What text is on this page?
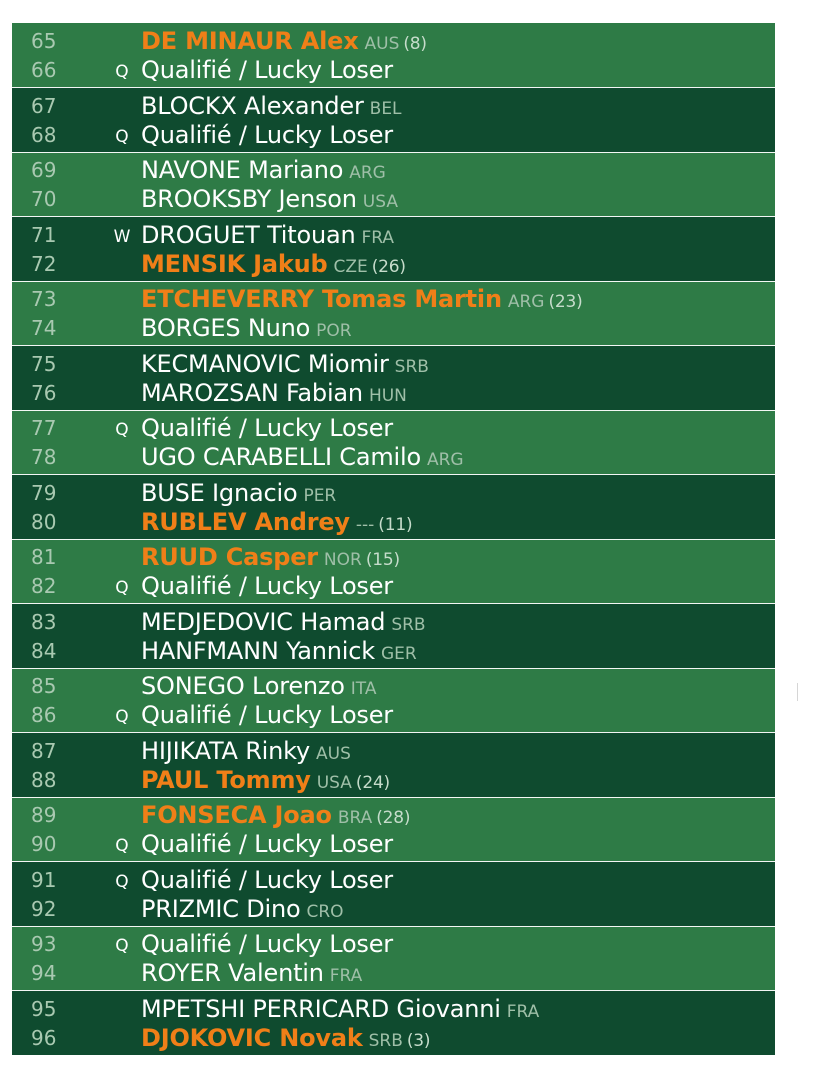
65	DE MINAUR Alex AUS (8)
66	Q Qualifié / Lucky Loser
67	BLOCKX Alexander BEL
68	Q Qualifié / Lucky Loser
69	NAVONE Mariano ARG
70	BROOKSBY Jenson USA
71	W DROGUET Titouan FRA
72	MENSIK Jakub CZE (26)
73	ETCHEVERRY Tomas Martin ARG (23)
74	BORGES Nuno POR
75	KECMANOVIC Miomir SRB
76	MAROZSAN Fabian HUN
77	Q Qualifié / Lucky Loser
78	UGO CARABELLI Camilo ARG
79	BUSE Ignacio PER
80	RUBLEV Andrey --- (11)
81	RUUD Casper NOR (15)
82	Q Qualifié / Lucky Loser
83	MEDJEDOVIC Hamad SRB
84	HANFMANN Yannick GER
85	SONEGO Lorenzo ITA
86	Q Qualifié / Lucky Loser
87	HIJIKATA Rinky AUS
88	PAUL Tommy USA (24)
89	FONSECA Joao BRA (28)
90	Q Qualifié / Lucky Loser
91	Q Qualifié / Lucky Loser
92	PRIZMIC Dino CRO
93	Q Qualifié / Lucky Loser
94	ROYER Valentin FRA
95	MPETSHI PERRICARD Giovanni FRA
96	DJOKOVIC Novak SRB (3)
